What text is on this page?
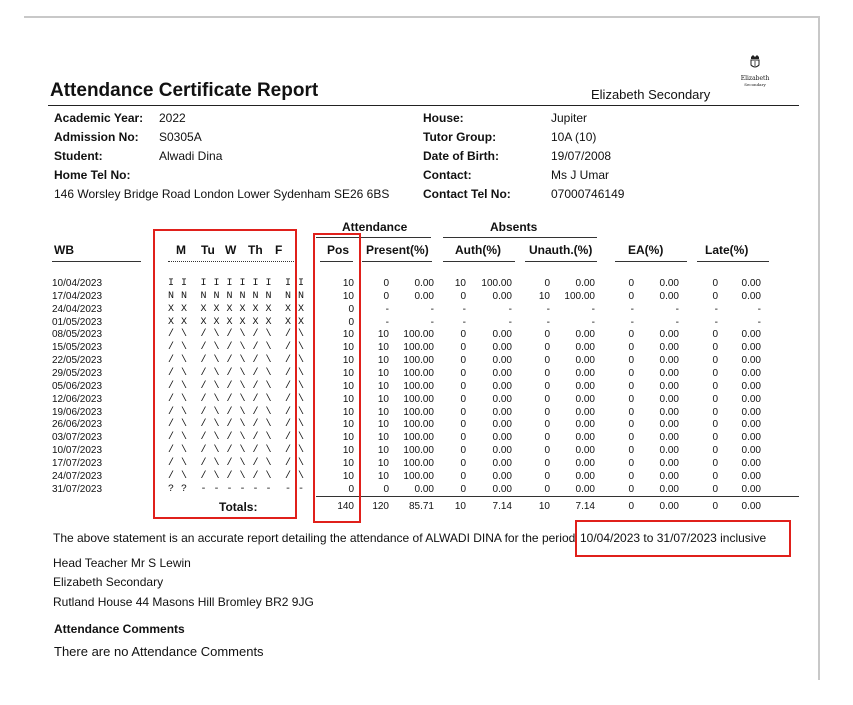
Attendance Certificate Report	Elizabeth Secondary
Elizabeth
Secondary
Academic Year: 2022
Admission No: S0305A
Student:	Alwadi Dina
Home Tel No:
146 Worsley Bridge Road London Lower Sydenham SE26 6BS
House:	Jupiter
Tutor Group:	10A (10)
Date of Birth:	19/07/2008
Contact:	Ms J Umar
Contact Tel No:	07000746149
Attendance	Absents
WB	M Tu W Th F	Pos Present(%) Auth(%) Unauth.(%)	EA(%)	Late(%)
10/04/2023	I I  I I I I I I  I I	10	0	0.00	10	100.00	0	0.00	0	0.00	0	0.00
17/04/2023	N N  N N N N N N  N N	10	0	0.00	0	0.00	10	100.00	0	0.00	0	0.00
24/04/2023	X X  X X X X X X  X X	0	-	-	-	-	-	-	-	-	-	-
01/05/2023	X X  X X X X X X  X X	0	-	-	-	-	-	-	-	-	-	-
08/05/2023	/ \  / \ / \ / \  / \	10	10	100.00	0	0.00	0	0.00	0	0.00	0	0.00
15/05/2023	/ \  / \ / \ / \  / \	10	10	100.00	0	0.00	0	0.00	0	0.00	0	0.00
22/05/2023	/ \  / \ / \ / \  / \	10	10	100.00	0	0.00	0	0.00	0	0.00	0	0.00
29/05/2023	/ \  / \ / \ / \  / \	10	10	100.00	0	0.00	0	0.00	0	0.00	0	0.00
05/06/2023	/ \  / \ / \ / \  / \	10	10	100.00	0	0.00	0	0.00	0	0.00	0	0.00
12/06/2023	/ \  / \ / \ / \  / \	10	10	100.00	0	0.00	0	0.00	0	0.00	0	0.00
19/06/2023	/ \  / \ / \ / \  / \	10	10	100.00	0	0.00	0	0.00	0	0.00	0	0.00
26/06/2023	/ \  / \ / \ / \  / \	10	10	100.00	0	0.00	0	0.00	0	0.00	0	0.00
03/07/2023	/ \  / \ / \ / \  / \	10	10	100.00	0	0.00	0	0.00	0	0.00	0	0.00
10/07/2023	/ \  / \ / \ / \  / \	10	10	100.00	0	0.00	0	0.00	0	0.00	0	0.00
17/07/2023	/ \  / \ / \ / \  / \	10	10	100.00	0	0.00	0	0.00	0	0.00	0	0.00
24/07/2023	/ \  / \ / \ / \  / \	10	10	100.00	0	0.00	0	0.00	0	0.00	0	0.00
31/07/2023	? ?  - - - - - -  - -	0	0	0.00	0	0.00	0	0.00	0	0.00	0	0.00
Totals:	140	120	85.71	10	7.14	10	7.14	0	0.00	0	0.00
The above statement is an accurate report detailing the attendance of ALWADI DINA for the period 10/04/2023 to 31/07/2023 inclusive
Head Teacher Mr S Lewin
Elizabeth Secondary
Rutland House 44 Masons Hill Bromley BR2 9JG
Attendance Comments
There are no Attendance Comments
